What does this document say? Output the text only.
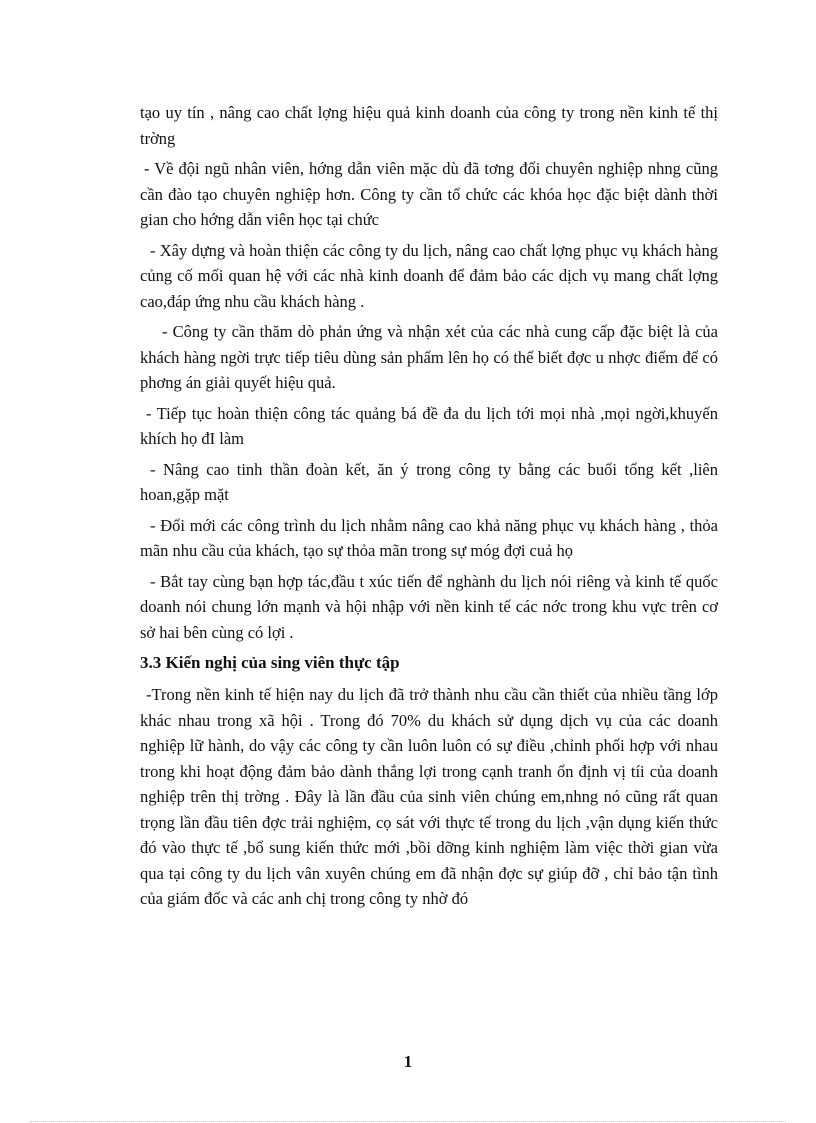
tạo uy tín , nâng cao chất lợng hiệu quả kinh doanh của công ty trong nền kinh tế thị trờng

- Về đội ngũ nhân viên, hớng dẫn viên mặc dù đã tơng đối chuyên nghiệp nhng cũng cần đào tạo chuyên nghiệp hơn. Công ty cần tổ chức các khóa học đặc biệt dành thời gian cho hớng dẫn viên học tại chức

- Xây dựng và hoàn thiện các công ty du lịch, nâng cao chất lợng phục vụ khách hàng củng cố mối quan hệ với các nhà kinh doanh để đảm bảo các dịch vụ mang chất lợng cao,đáp ứng nhu cầu khách hàng .

- Công ty cần thăm dò phản ứng và nhận xét của các nhà cung cấp đặc biệt là của khách hàng ngời trực tiếp tiêu dùng sản phẩm lên họ có thể biết đợc u nhợc điểm để có phơng án giải quyết hiệu quả.

- Tiếp tục hoàn thiện công tác quảng bá đề đa du lịch tới mọi nhà ,mọi ngời,khuyến khích họ đI làm

- Nâng cao tinh thần đoàn kết, ăn ý trong công ty bằng các buổi tổng kết ,liên hoan,gặp mặt

- Đổi mới các công trình du lịch nhằm nâng cao khả năng phục vụ khách hàng , thỏa mãn nhu cầu của khách, tạo sự thỏa mãn trong sự móg đợi cuả họ

- Bắt tay cùng bạn hợp tác,đầu t xúc tiến để nghành du lịch nói riêng và kinh tế quốc doanh nói chung lớn mạnh và hội nhập với nền kinh tế các nớc trong khu vực trên cơ sở hai bên cùng có lợi .

3.3 Kiến nghị của sing viên thực tập

-Trong nền kinh tế hiện nay du lịch đã trở thành nhu cầu cần thiết của nhiều tầng lớp khác nhau trong xã hội . Trong đó 70% du khách sử dụng dịch vụ của các doanh nghiệp lữ hành, do vậy các công ty cần luôn luôn có sự điều ,chỉnh phối hợp với nhau trong khi hoạt động đảm bảo dành thắng lợi trong cạnh tranh ổn định vị tíi của doanh nghiệp trên thị trờng . Đây là lần đầu của sinh viên chúng em,nhng nó cũng rất quan trọng lần đầu tiên đợc trải nghiệm, cọ sát với thực tế trong du lịch ,vận dụng kiến thức đó vào thực tế ,bổ sung kiến thức mới ,bồi dỡng kinh nghiệm làm việc thời gian vừa qua tại công ty du lịch vân xuyên chúng em đã nhận đợc sự giúp đỡ , chỉ bảo tận tình của giám đốc và các anh chị trong công ty nhờ đó

1
